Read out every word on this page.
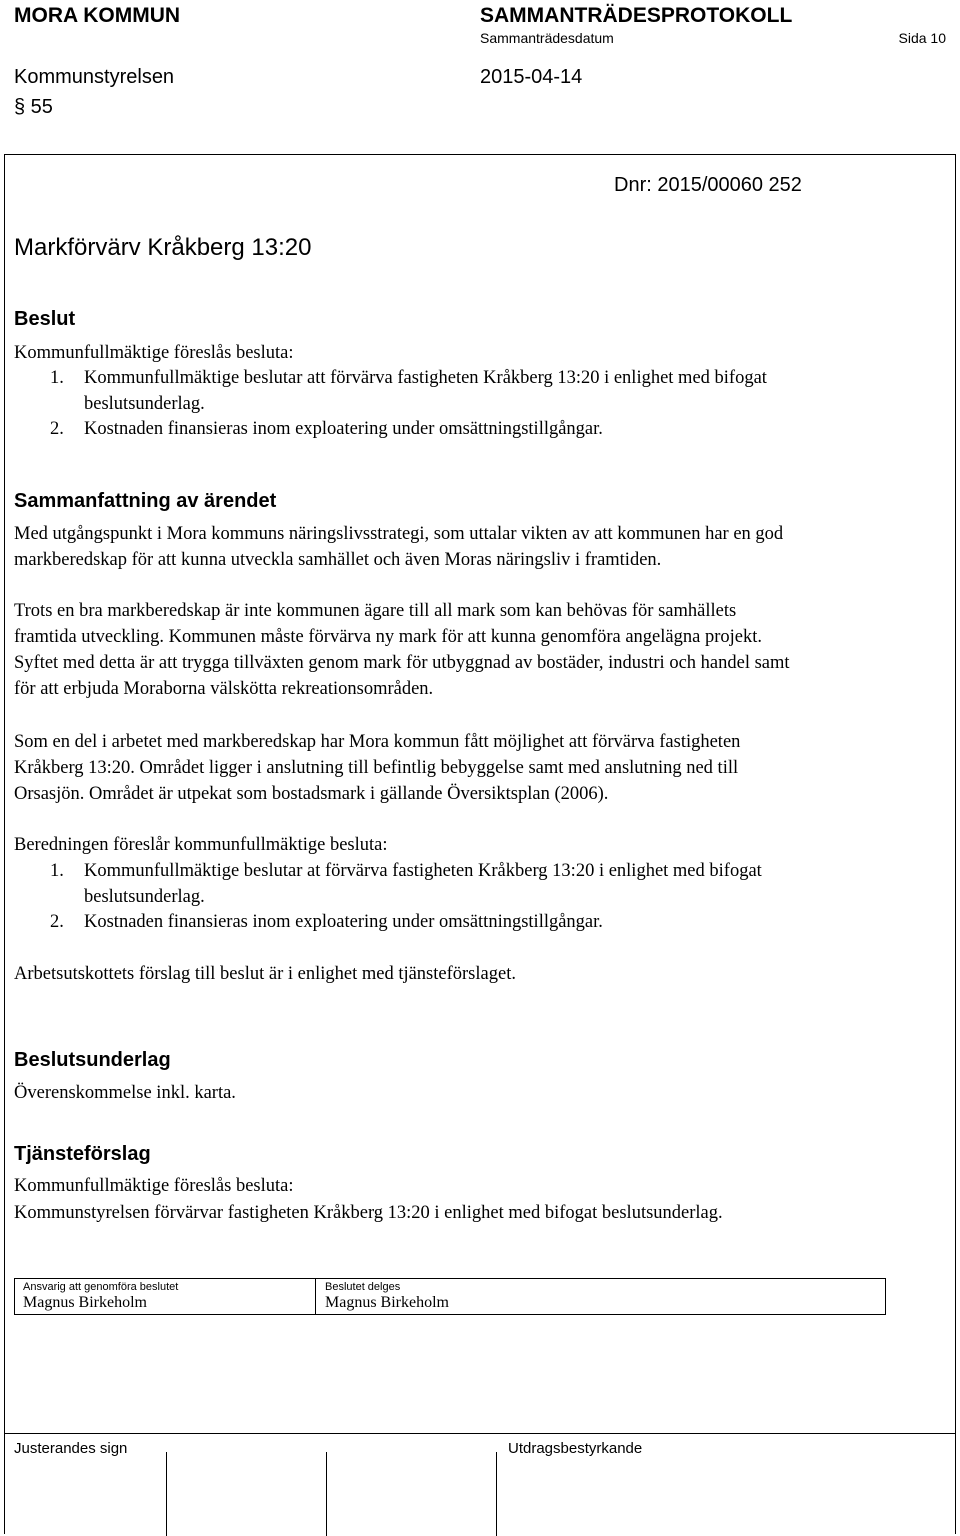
MORA KOMMUN	SAMMANTRÄDESPROTOKOLL
Sammanträdesdatum	Sida 10
Kommunstyrelsen	2015-04-14
§ 55
Dnr: 2015/00060 252
Markförvärv Kråkberg 13:20
Beslut
Kommunfullmäktige föreslås besluta:
1. Kommunfullmäktige beslutar att förvärva fastigheten Kråkberg 13:20 i enlighet med bifogat
beslutsunderlag.
2. Kostnaden finansieras inom exploatering under omsättningstillgångar.
Sammanfattning av ärendet
Med utgångspunkt i Mora kommuns näringslivsstrategi, som uttalar vikten av att kommunen har en god
markberedskap för att kunna utveckla samhället och även Moras näringsliv i framtiden.
Trots en bra markberedskap är inte kommunen ägare till all mark som kan behövas för samhällets
framtida utveckling. Kommunen måste förvärva ny mark för att kunna genomföra angelägna projekt.
Syftet med detta är att trygga tillväxten genom mark för utbyggnad av bostäder, industri och handel samt
för att erbjuda Moraborna välskötta rekreationsområden.
Som en del i arbetet med markberedskap har Mora kommun fått möjlighet att förvärva fastigheten
Kråkberg 13:20. Området ligger i anslutning till befintlig bebyggelse samt med anslutning ned till
Orsasjön. Området är utpekat som bostadsmark i gällande Översiktsplan (2006).
Beredningen föreslår kommunfullmäktige besluta:
1. Kommunfullmäktige beslutar at förvärva fastigheten Kråkberg 13:20 i enlighet med bifogat
beslutsunderlag.
2. Kostnaden finansieras inom exploatering under omsättningstillgångar.
Arbetsutskottets förslag till beslut är i enlighet med tjänsteförslaget.
Beslutsunderlag
Överenskommelse inkl. karta.
Tjänsteförslag
Kommunfullmäktige föreslås besluta:
Kommunstyrelsen förvärvar fastigheten Kråkberg 13:20 i enlighet med bifogat beslutsunderlag.
Ansvarig att genomföra beslutet
Magnus Birkeholm
Beslutet delges
Magnus Birkeholm
Justerandes sign	Utdragsbestyrkande
